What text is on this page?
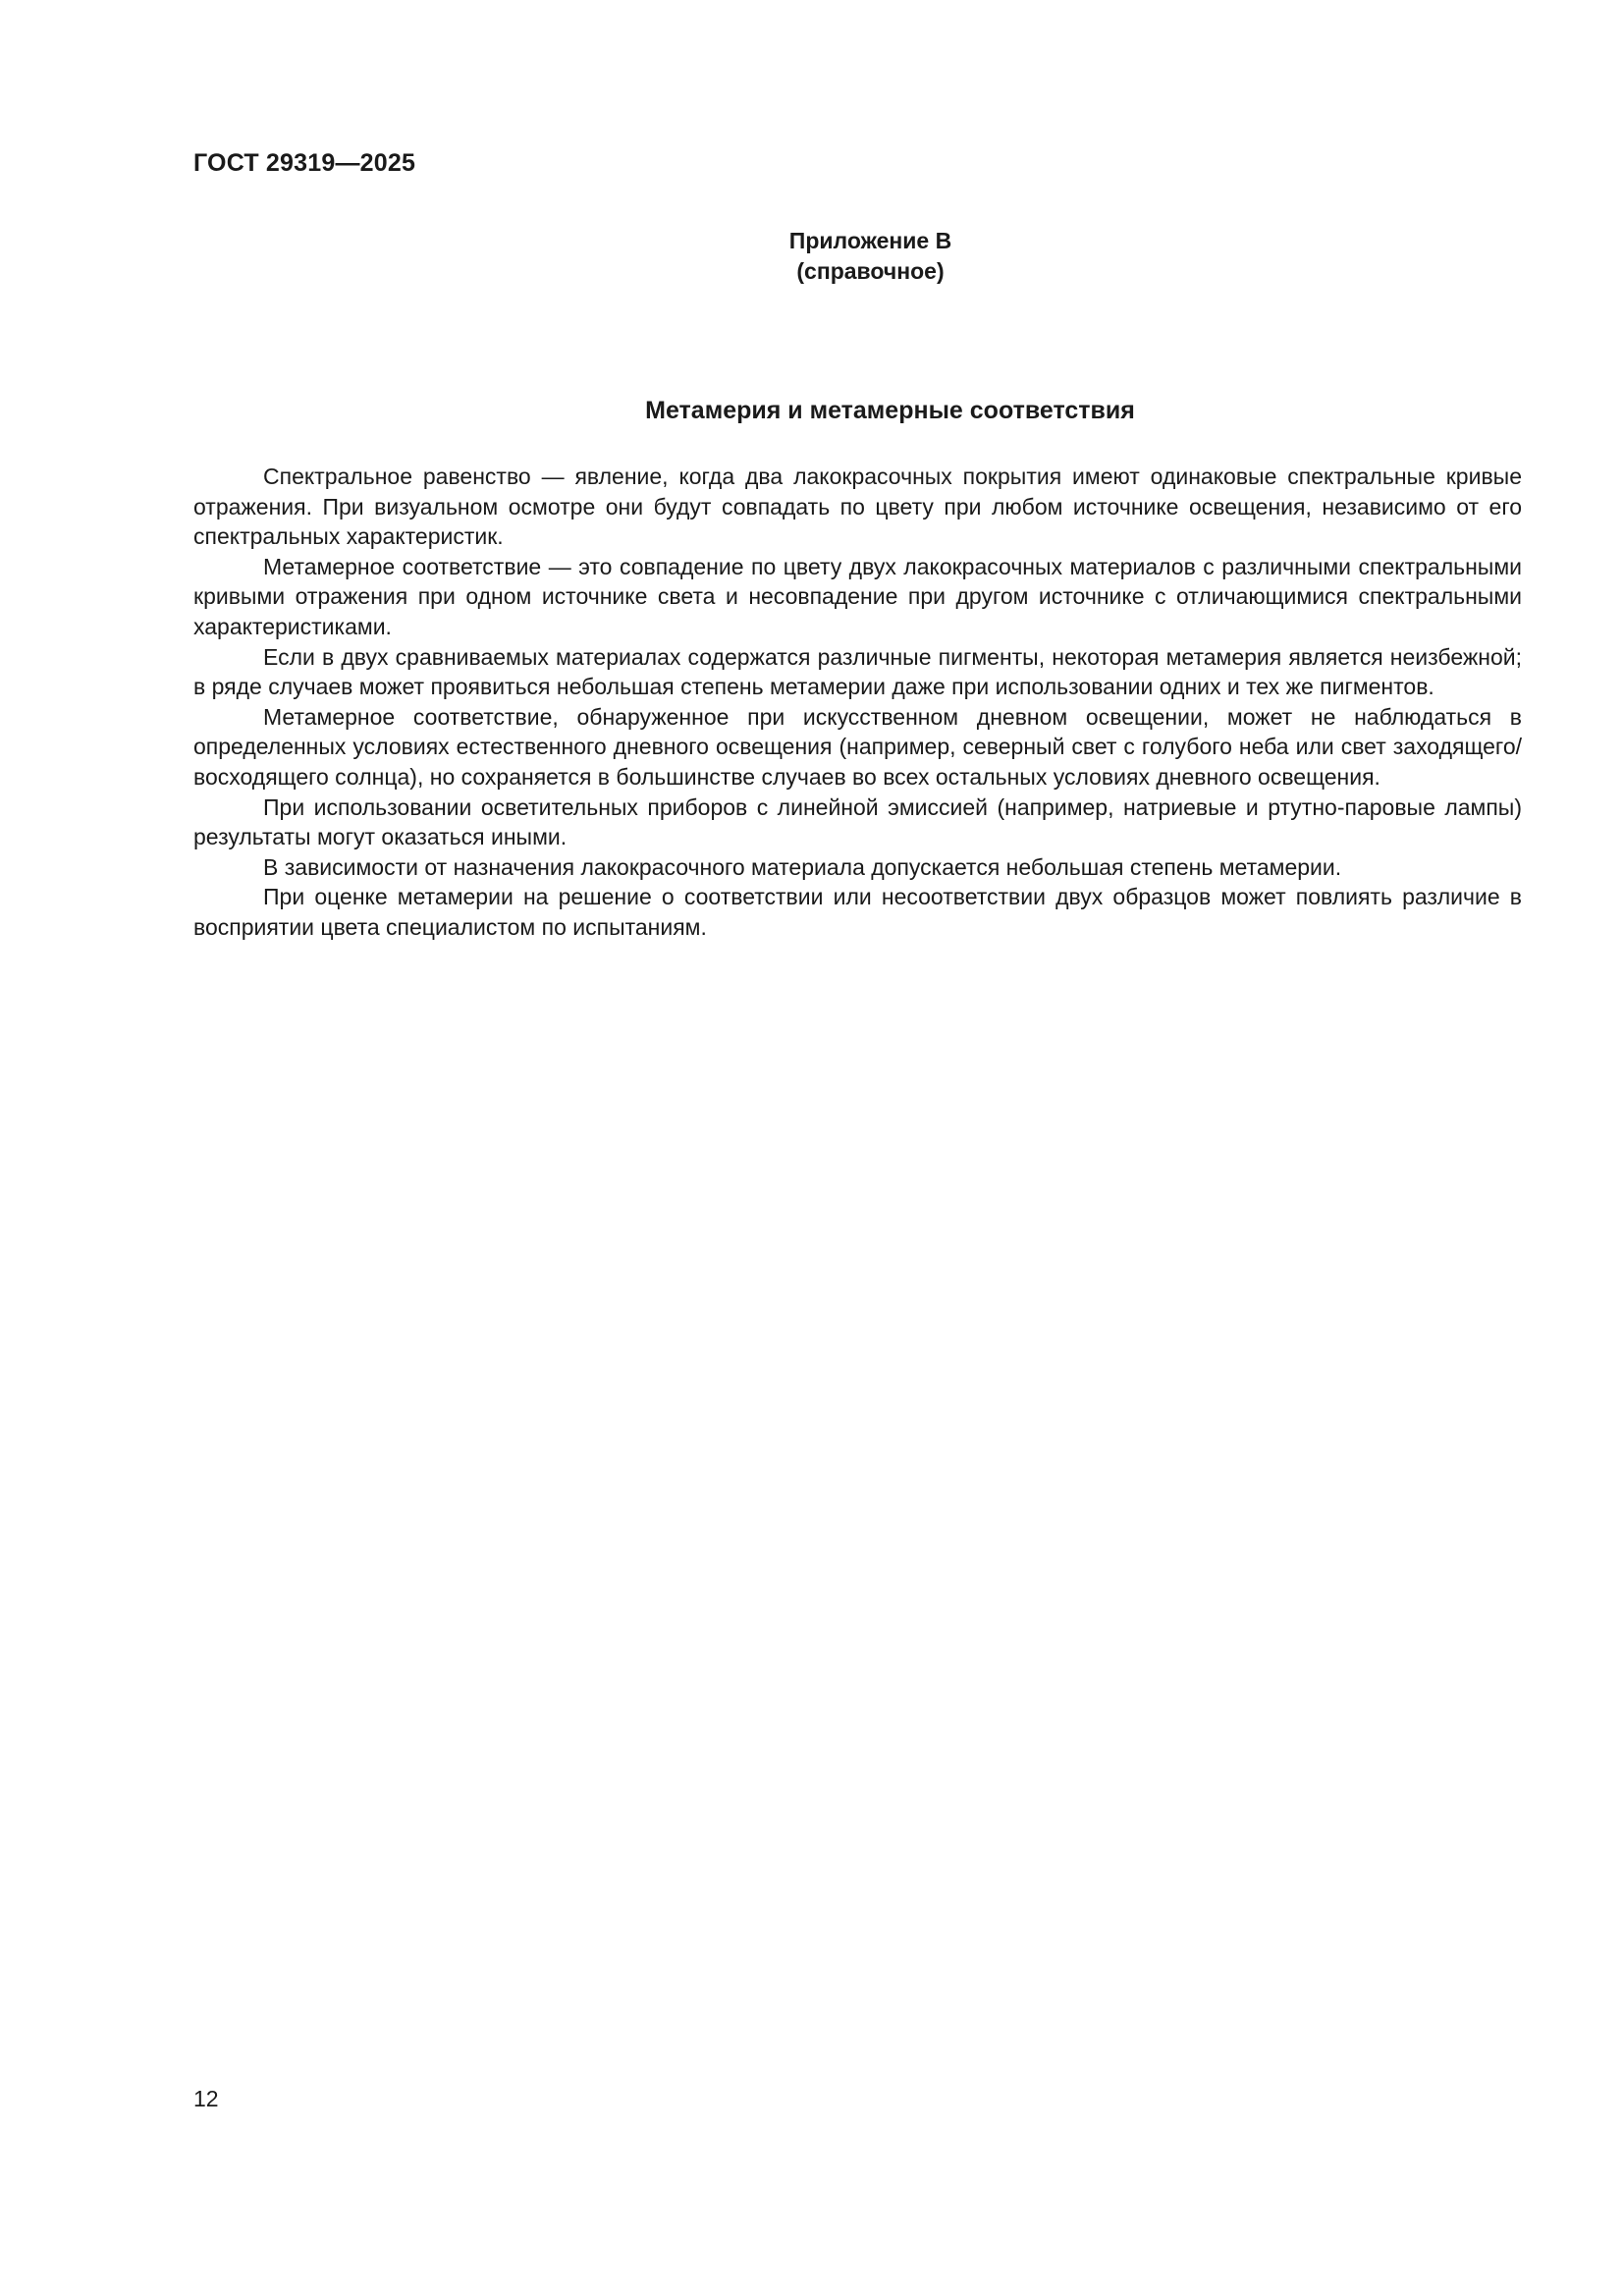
ГОСТ 29319—2025
Приложение В
(справочное)
Метамерия и метамерные соответствия

Спектральное равенство — явление, когда два лакокрасочных покрытия имеют одинаковые спектральные кривые отражения. При визуальном осмотре они будут совпадать по цвету при любом источнике освещения, независимо от его спектральных характеристик.

Метамерное соответствие — это совпадение по цвету двух лакокрасочных материалов с различными спектральными кривыми отражения при одном источнике света и несовпадение при другом источнике с отличающимися спектральными характеристиками.

Если в двух сравниваемых материалах содержатся различные пигменты, некоторая метамерия является неизбежной; в ряде случаев может проявиться небольшая степень метамерии даже при использовании одних и тех же пигментов.

Метамерное соответствие, обнаруженное при искусственном дневном освещении, может не наблюдаться в определенных условиях естественного дневного освещения (например, северный свет с голубого неба или свет заходящего/восходящего солнца), но сохраняется в большинстве случаев во всех остальных условиях дневного освещения.

При использовании осветительных приборов с линейной эмиссией (например, натриевые и ртутно-паровые лампы) результаты могут оказаться иными.

В зависимости от назначения лакокрасочного материала допускается небольшая степень метамерии.

При оценке метамерии на решение о соответствии или несоответствии двух образцов может повлиять различие в восприятии цвета специалистом по испытаниям.

12
